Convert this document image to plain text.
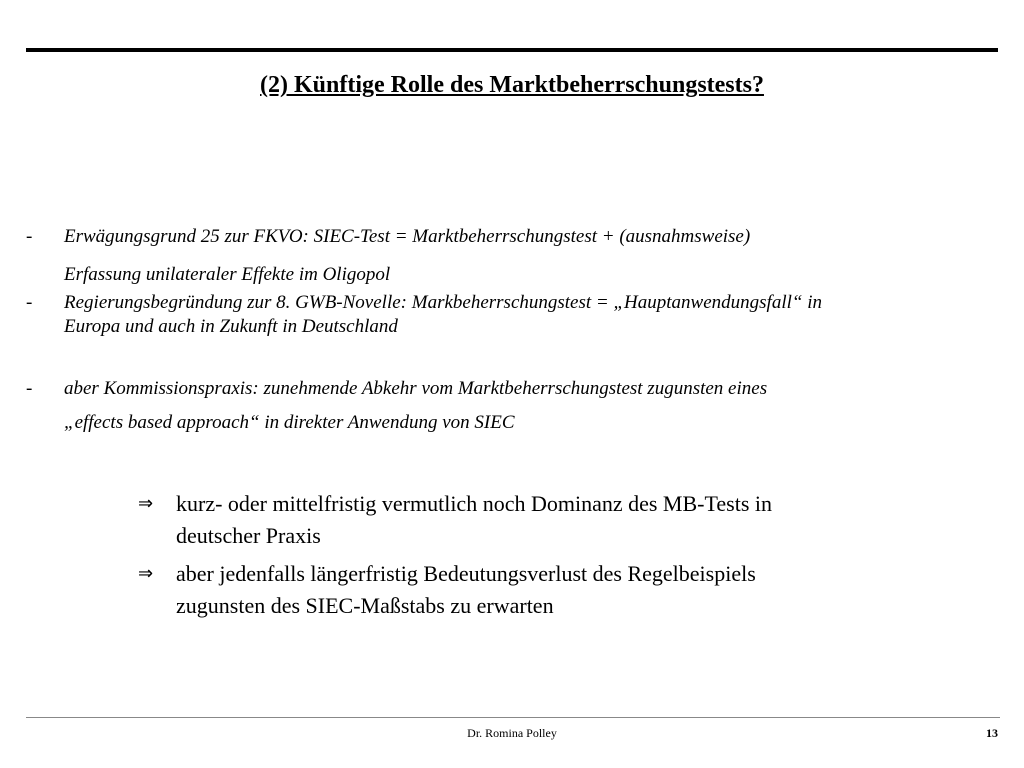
(2) Künftige Rolle des Marktbeherrschungstests?
-	Erwägungsgrund 25 zur FKVO: SIEC-Test = Marktbeherrschungstest + (ausnahmsweise)
Erfassung unilateraler Effekte im Oligopol
-	Regierungsbegründung zur 8. GWB-Novelle: Markbeherrschungstest = „Hauptanwendungsfall“ in
Europa und auch in Zukunft in Deutschland
-	aber Kommissionspraxis: zunehmende Abkehr vom Marktbeherrschungstest zugunsten eines
„effects based approach“ in direkter Anwendung von SIEC
⇒	kurz- oder mittelfristig vermutlich noch Dominanz des MB-Tests in
deutscher Praxis
⇒	aber jedenfalls längerfristig Bedeutungsverlust des Regelbeispiels
zugunsten des SIEC-Maßstabs zu erwarten
Dr. Romina Polley	13
